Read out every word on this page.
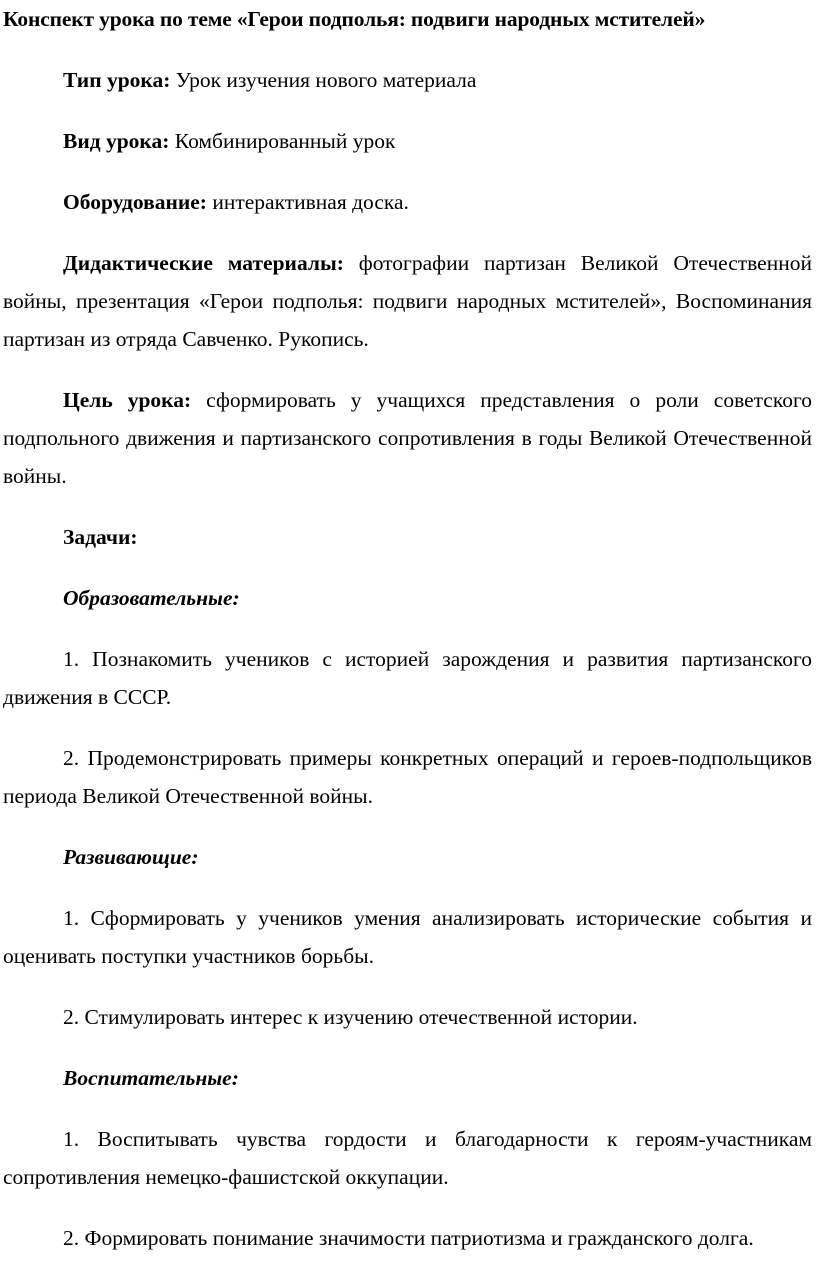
Конспект урока по теме «Герои подполья: подвиги народных мстителей»

Тип урока: Урок изучения нового материала

Вид урока: Комбинированный урок

Оборудование: интерактивная доска.

Дидактические материалы: фотографии партизан Великой Отечественной войны, презентация «Герои подполья: подвиги народных мстителей», Воспоминания партизан из отряда Савченко. Рукопись.

Цель урока: сформировать у учащихся представления о роли советского подпольного движения и партизанского сопротивления в годы Великой Отечественной войны.

Задачи:

Образовательные:

1. Познакомить учеников с историей зарождения и развития партизанского движения в СССР.

2. Продемонстрировать примеры конкретных операций и героев-подпольщиков периода Великой Отечественной войны.

Развивающие:

1. Сформировать у учеников умения анализировать исторические события и оценивать поступки участников борьбы.

2. Стимулировать интерес к изучению отечественной истории.

Воспитательные:

1. Воспитывать чувства гордости и благодарности к героям-участникам сопротивления немецко-фашистской оккупации.

2. Формировать понимание значимости патриотизма и гражданского долга.
